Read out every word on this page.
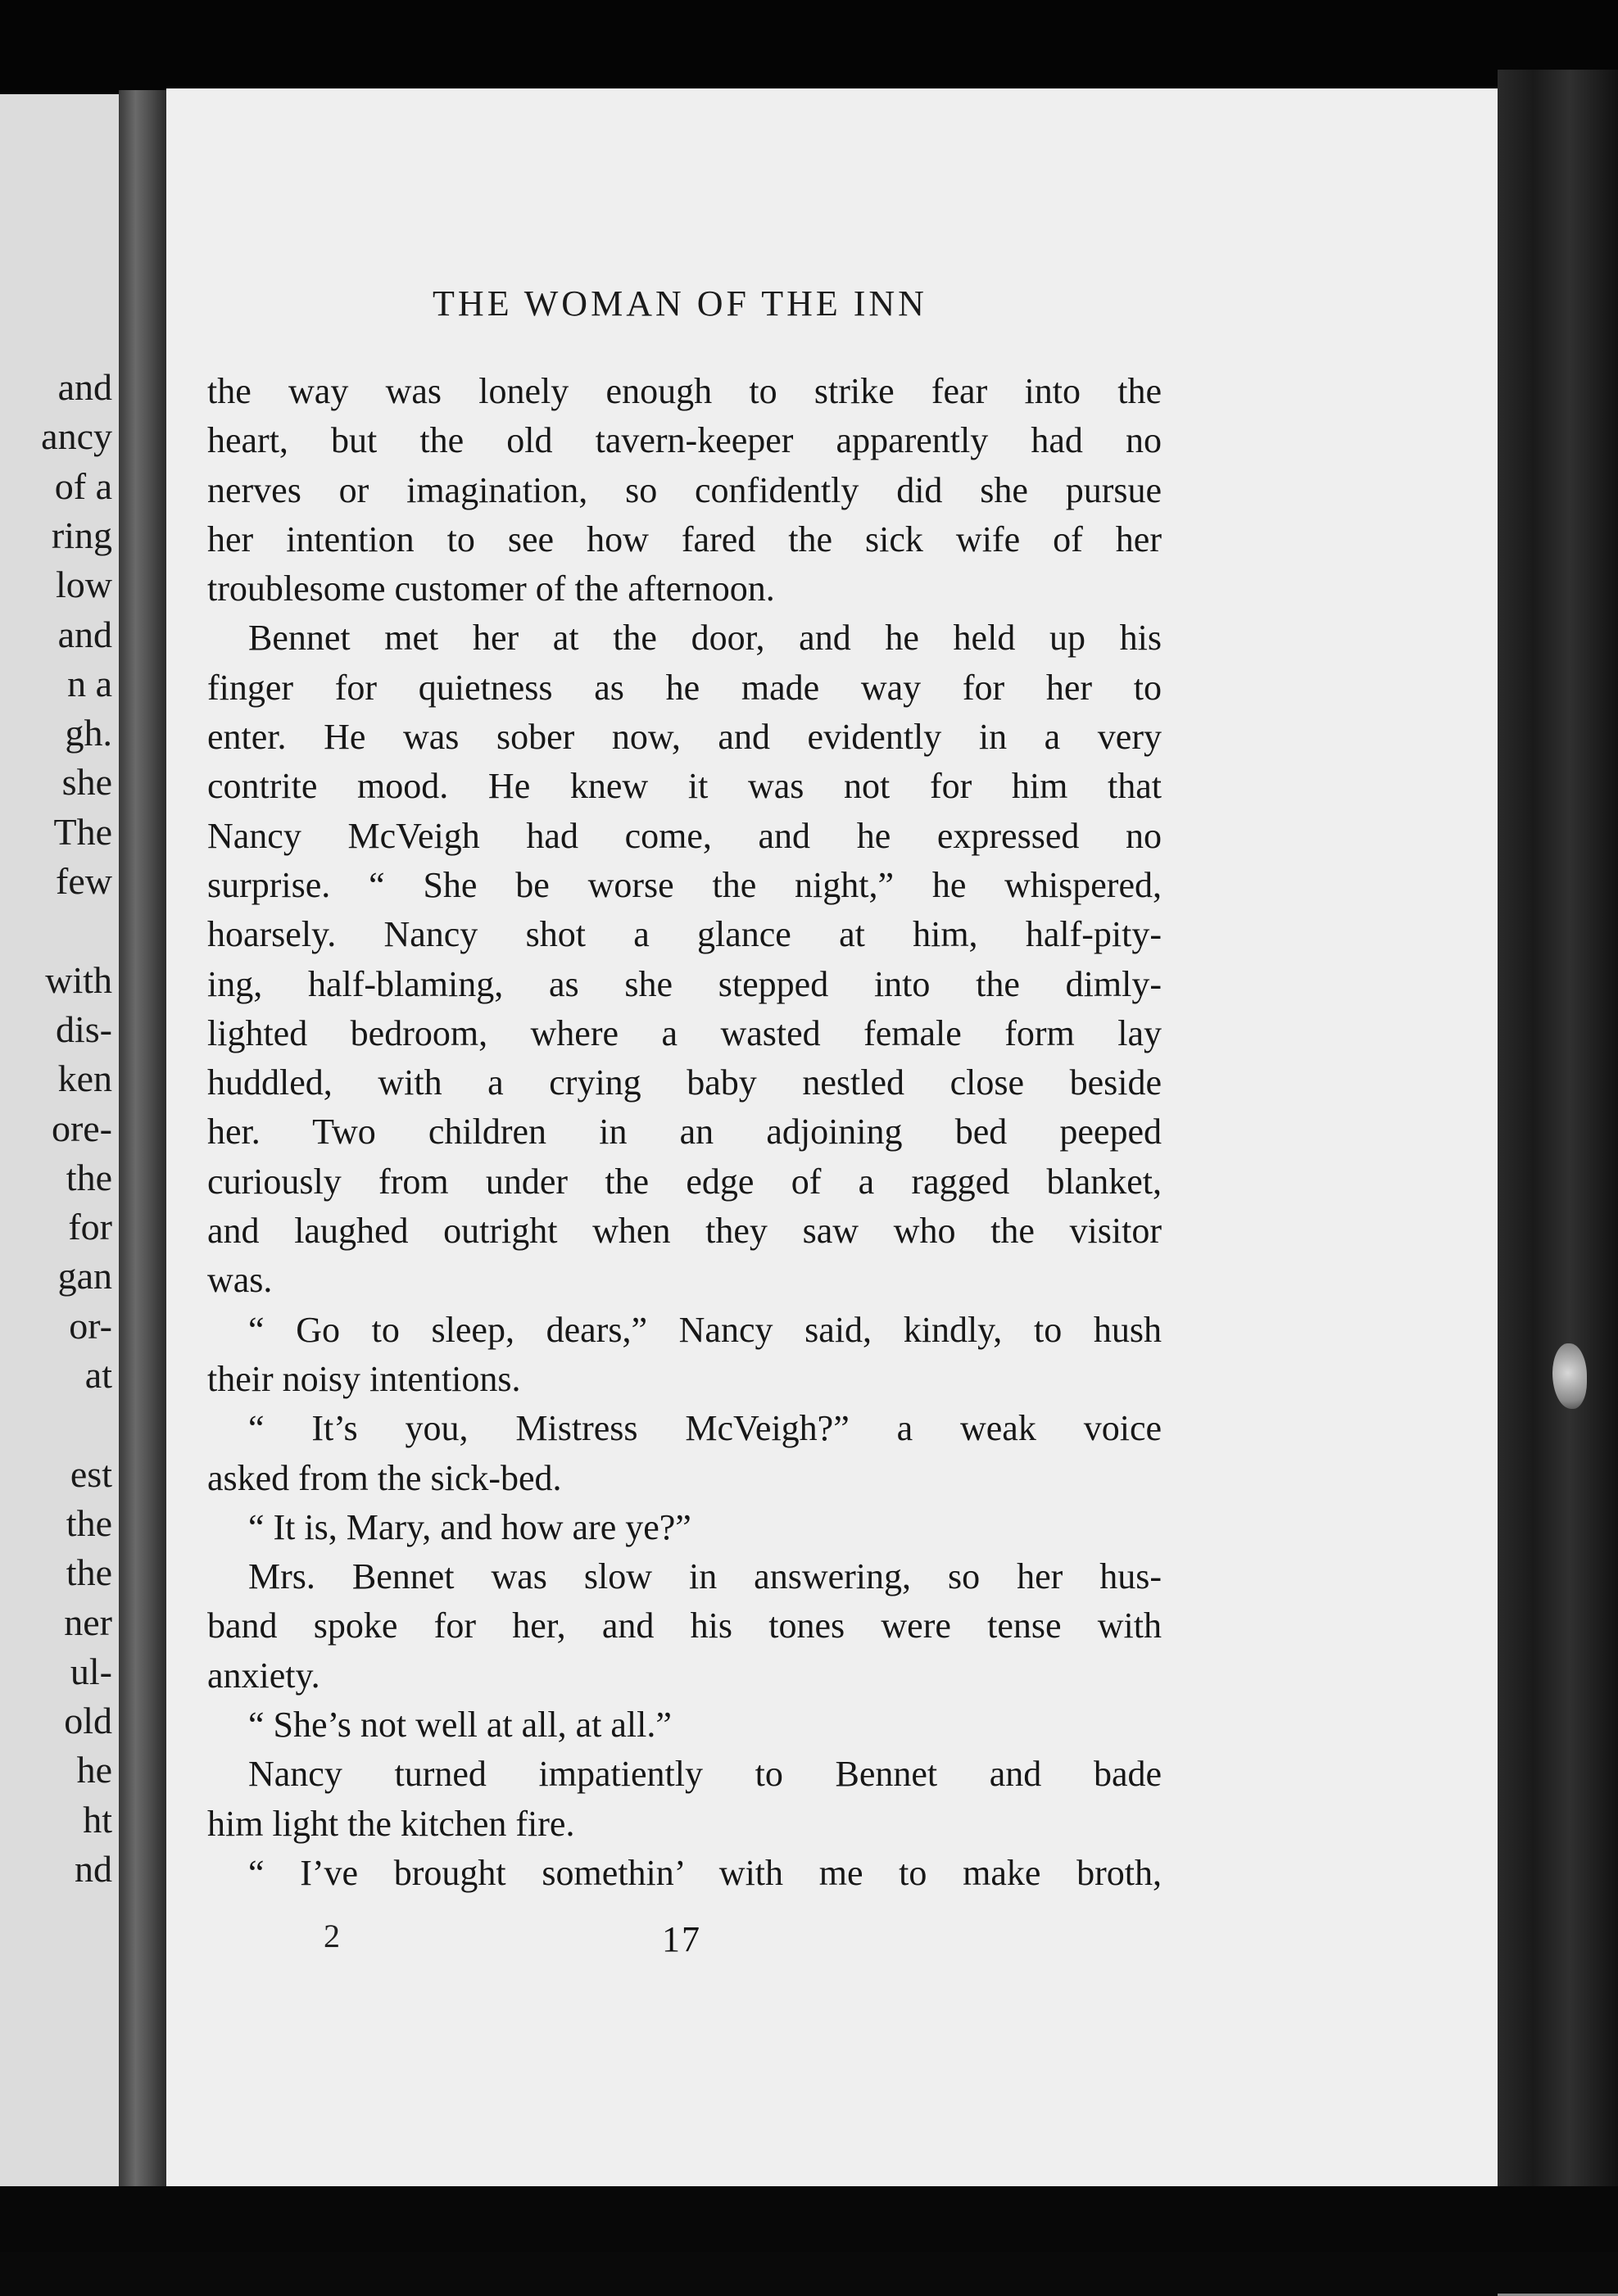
and
ancy
of a
ring
low
and
n a
gh.
she
The
few
with
dis-
ken
ore-
the
for
gan
or-
at
est
the
the
ner
ul-
old
he
ht
nd
THE WOMAN OF THE INN
the way was lonely enough to strike fear into the
heart, but the old tavern-keeper apparently had no
nerves or imagination, so confidently did she pursue
her intention to see how fared the sick wife of her
troublesome customer of the afternoon.
Bennet met her at the door, and he held up his
finger for quietness as he made way for her to
enter. He was sober now, and evidently in a very
contrite mood. He knew it was not for him that
Nancy McVeigh had come, and he expressed no
surprise. “ She be worse the night,” he whispered,
hoarsely. Nancy shot a glance at him, half-pity-
ing, half-blaming, as she stepped into the dimly-
lighted bedroom, where a wasted female form lay
huddled, with a crying baby nestled close beside
her. Two children in an adjoining bed peeped
curiously from under the edge of a ragged blanket,
and laughed outright when they saw who the visitor
was.
“ Go to sleep, dears,” Nancy said, kindly, to hush
their noisy intentions.
“ It’s you, Mistress McVeigh?” a weak voice
asked from the sick-bed.
“ It is, Mary, and how are ye?”
Mrs. Bennet was slow in answering, so her hus-
band spoke for her, and his tones were tense with
anxiety.
“ She’s not well at all, at all.”
Nancy turned impatiently to Bennet and bade
him light the kitchen fire.
“ I’ve brought somethin’ with me to make broth,
2	17
